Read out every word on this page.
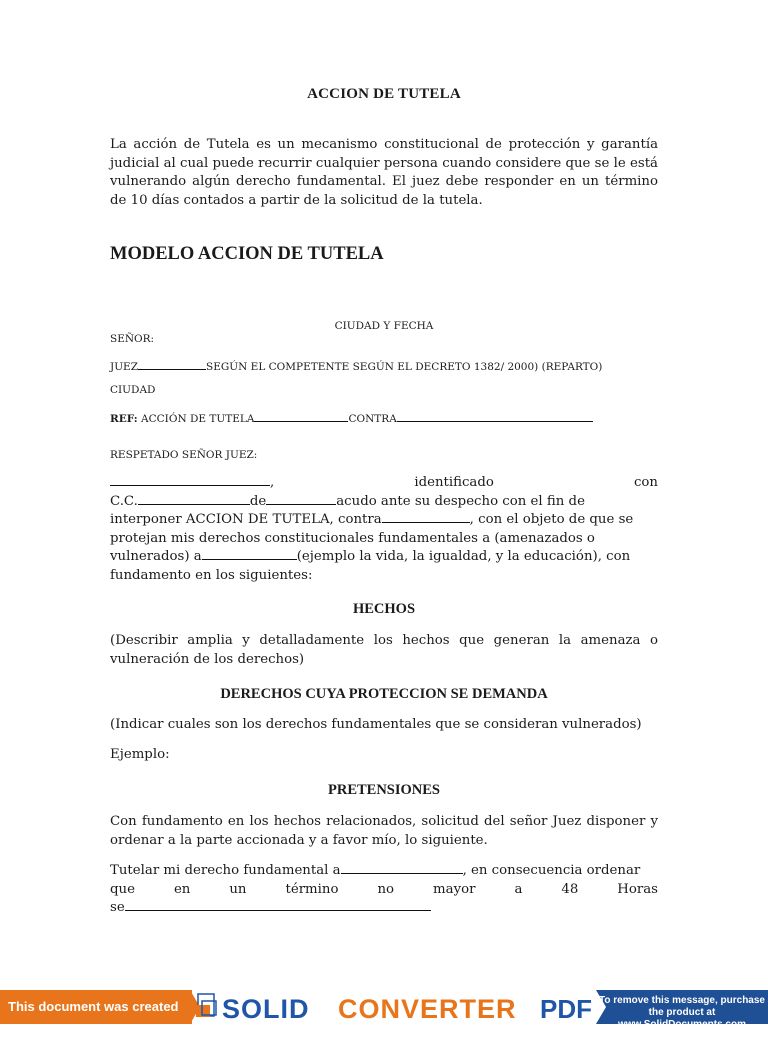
ACCION DE TUTELA
La acción de Tutela es un mecanismo constitucional de protección y garantía judicial al cual puede recurrir cualquier persona cuando considere que se le está vulnerando algún derecho fundamental. El juez debe responder en un término de 10 días contados a partir de la solicitud de la tutela.
MODELO ACCION DE TUTELA
CIUDAD Y FECHA
SEÑOR:
JUEZ	SEGÚN EL COMPETENTE SEGÚN EL DECRETO 1382/ 2000) (REPARTO)
CIUDAD
REF: ACCIÓN DE TUTELA	CONTRA
RESPETADO SEÑOR JUEZ:
,	identificado	con
C.C.	de	acudo ante su despecho con el fin de
interponer ACCION DE TUTELA, contra	, con el objeto de que se
protejan mis derechos constitucionales fundamentales a (amenazados o
vulnerados) a	(ejemplo la vida, la igualdad, y la educación), con
fundamento en los siguientes:
HECHOS
(Describir amplia y detalladamente los hechos que generan la amenaza o vulneración de los derechos)
DERECHOS CUYA PROTECCION SE DEMANDA
(Indicar cuales son los derechos fundamentales que se consideran vulnerados)
Ejemplo:
PRETENSIONES
Con fundamento en los hechos relacionados, solicitud del señor Juez disponer y ordenar a la parte accionada y a favor mío, lo siguiente.
Tutelar mi derecho fundamental a	, en consecuencia ordenar
que	en	un	término	no	mayor	a	48	Horas
se
This document was created using
SOLID CONVERTER PDF To remove this message, purchase the product at www.SolidDocuments.com
